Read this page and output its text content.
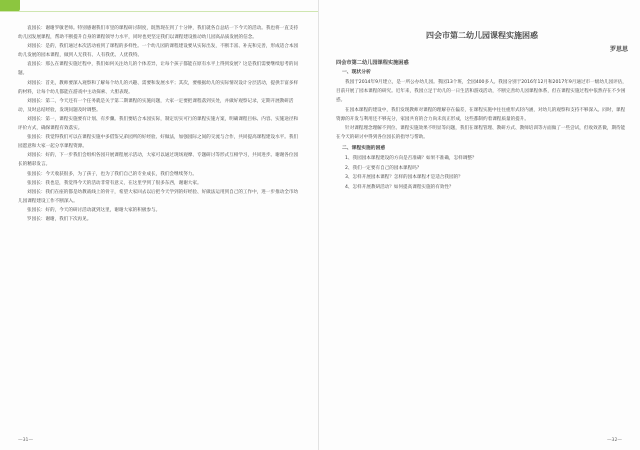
袁园长：谢谢罗敏老师。特别感谢我们市里的课程研讨制度，既然现在到了十分钟，我们就各自总结一下今天的活动。我也将一直支持幼儿园发展课程，帮助不断提升自身的课程领导力水平，同时也更坚定我们以课程建设推动幼儿园高品质发展的信念。

刘园长：是的，我们通过本次活动看到了课程的多样性。一个幼儿园的课程建设要从实际出发，不断丰富、补充和完善，形成适合本园幼儿发展的园本课程，做到人无我有、人有我优、人优我特。

袁园长：那么在课程实施过程中，我们如何关注幼儿的个体差异，让每个孩子都能在原有水平上得到发展？这是我们需要继续思考的问题。

刘园长：首先，教师要深入观察和了解每个幼儿的兴趣、需要和发展水平；其次，要根据幼儿的实际情况设计分层活动，提供丰富多样的材料，让每个幼儿都能在游戏中主动探索、大胆表现。

刘园长：第二，今天还有一个任务就是关于第二期课程的实施问题，大家一定要把课程落到实处，并做好观察记录，定期开展教研活动，及时总结经验，发现问题及时调整。

刘园长：第一，课程实施要有计划、有步骤。我们要结合本园实际，制定切实可行的课程实施方案，明确课程目标、内容、实施途径和评价方式，确保课程有效落实。

张园长：我觉得我们可以在课程实施中多借鉴兄弟园所的好经验、好做法，加强园际之间的交流与合作，共同提高课程建设水平。我们园愿意和大家一起分享课程资源。

刘园长：好的，下一步我们会组织各园开展课程展示活动，大家可以通过现场观摩、专题研讨等形式互相学习，共同进步。谢谢各位园长的精彩发言。

张园长：今天收获很多，为了孩子，也为了我们自己的专业成长，我们会继续努力。

张园长：我也是，我觉得今天的活动非常有意义，在这里学到了很多东西，谢谢大家。

刘园长：我们在座的都是幼教战线上的骨干，希望大家回去以后把今天学到的好经验、好做法运用到自己的工作中，进一步推动全市幼儿园课程建设工作不断深入。

张园长：好的，今天的研讨活动就到这里，谢谢大家的积极参与。

罗园长：谢谢，我们下次再见。

—31—

四会市第二幼儿园课程实施困惑

罗思思

四会市第二幼儿园课程实施困惑

一、现状分析

我园于2014年9月建立，是一所公办幼儿园。我园13个班，全园400多人。我园分别于2016年12月和2017年9月通过市一级幼儿园评估，目前开展了园本课程的研究。近年来，我园立足于幼儿的一日生活和游戏活动，不断完善幼儿园课程体系，但在课程实施过程中依然存在不少困惑。

在园本课程的建设中，我们发现教师对课程的理解存在偏差，在课程实施中往往重形式轻内涵，对幼儿的观察和支持不够深入。同时，课程资源的开发与利用还不够充分，家园共育的合力尚未真正形成，这些都制约着课程质量的提升。

针对课程理念理解不到位、课程实施效果不明显等问题，我们在课程管理、教研方式、教师培训等方面做了一些尝试，但收效甚微，期待能在今天的研讨中得到各位园长的指导与帮助。

二、课程实施的困惑

1、我园园本课程建设的方向是否准确？如果不准确，怎样调整？

2、我们一定要有自己的园本课程吗？

3、怎样开展园本课程？怎样的园本课程才是适合我园的？

4、怎样开展教研活动？如何提高课程实施的有效性？

—32—
